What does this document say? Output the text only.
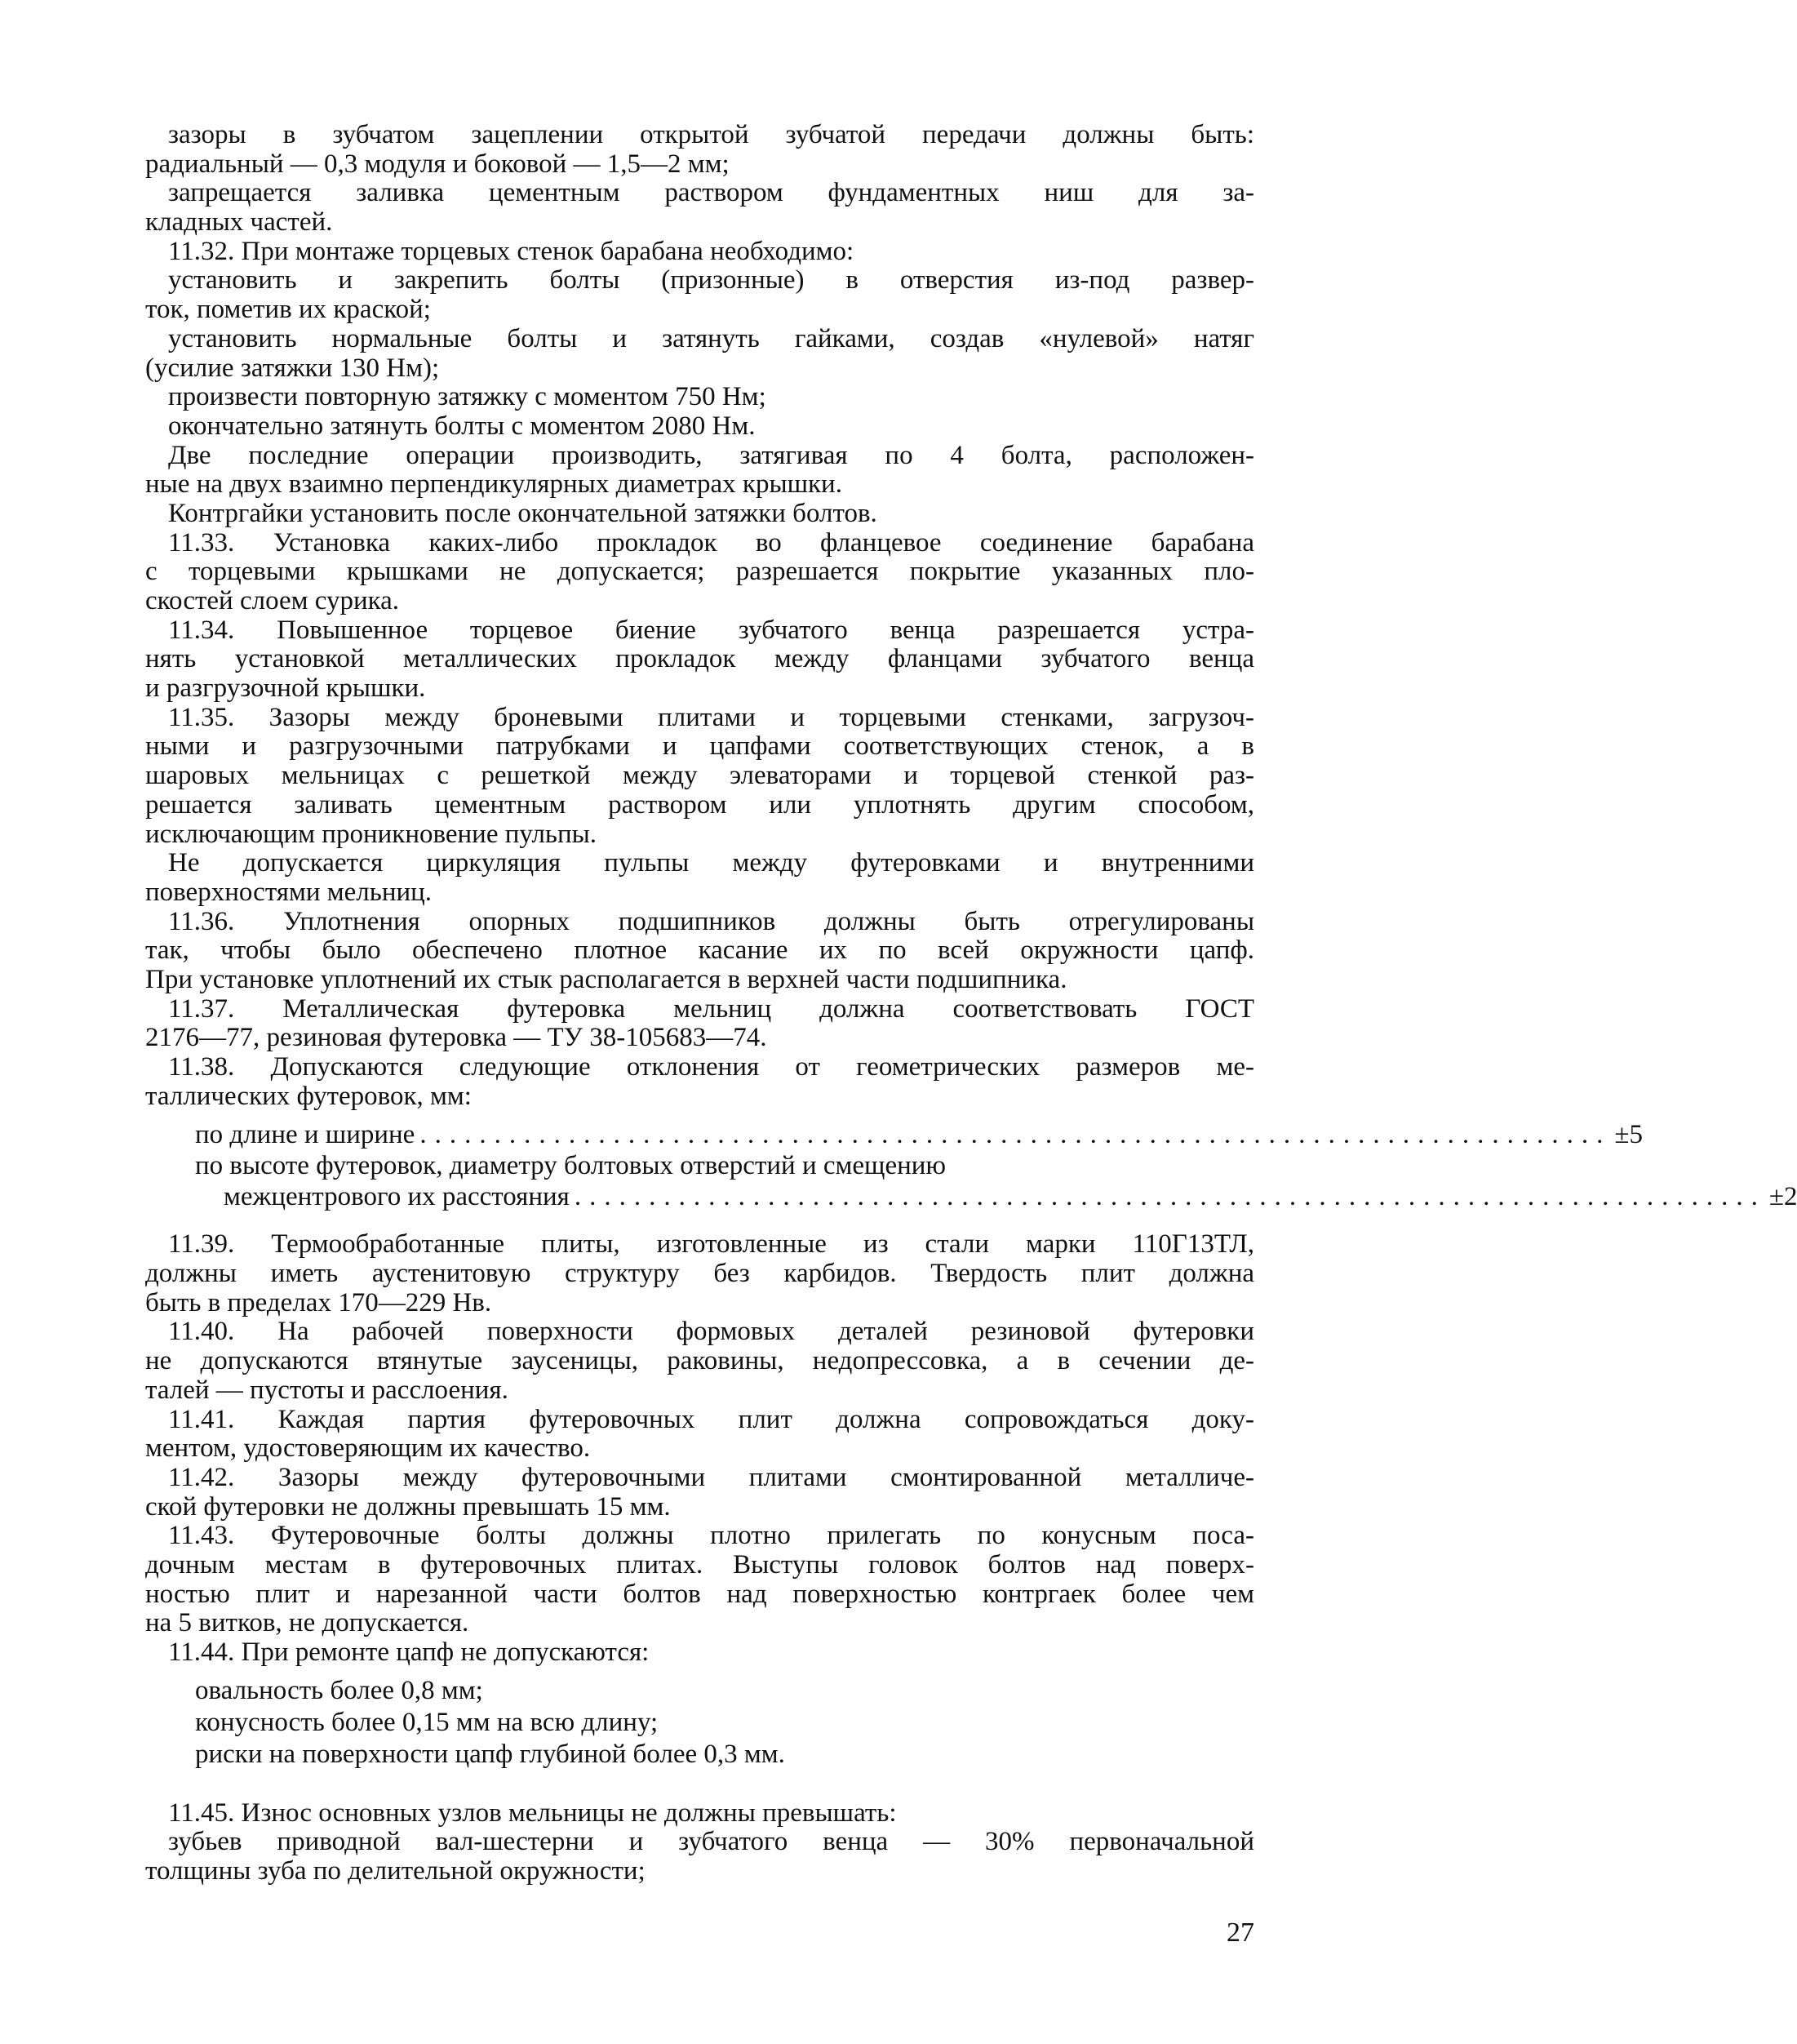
зазоры в зубчатом зацеплении открытой зубчатой передачи должны быть:
радиальный — 0,3 модуля и боковой — 1,5—2 мм;
запрещается заливка цементным раствором фундаментных ниш для за-
кладных частей.
11.32. При монтаже торцевых стенок барабана необходимо:
установить и закрепить болты (призонные) в отверстия из-под развер-
ток, пометив их краской;
установить нормальные болты и затянуть гайками, создав «нулевой» натяг
(усилие затяжки 130 Нм);
произвести повторную затяжку с моментом 750 Нм;
окончательно затянуть болты с моментом 2080 Нм.
Две последние операции производить, затягивая по 4 болта, расположен-
ные на двух взаимно перпендикулярных диаметрах крышки.
Контргайки установить после окончательной затяжки болтов.
11.33. Установка каких-либо прокладок во фланцевое соединение барабана
с торцевыми крышками не допускается; разрешается покрытие указанных пло-
скостей слоем сурика.
11.34. Повышенное торцевое биение зубчатого венца разрешается устра-
нять установкой металлических прокладок между фланцами зубчатого венца
и разгрузочной крышки.
11.35. Зазоры между броневыми плитами и торцевыми стенками, загрузоч-
ными и разгрузочными патрубками и цапфами соответствующих стенок, а в
шаровых мельницах с решеткой между элеваторами и торцевой стенкой раз-
решается заливать цементным раствором или уплотнять другим способом,
исключающим проникновение пульпы.
Не допускается циркуляция пульпы между футеровками и внутренними
поверхностями мельниц.
11.36. Уплотнения опорных подшипников должны быть отрегулированы
так, чтобы было обеспечено плотное касание их по всей окружности цапф.
При установке уплотнений их стык располагается в верхней части подшипника.
11.37. Металлическая футеровка мельниц должна соответствовать ГОСТ
2176—77, резиновая футеровка — ТУ 38-105683—74.
11.38. Допускаются следующие отклонения от геометрических размеров ме-
таллических футеровок, мм:
по длине и ширине ................................................................................ ±5
по высоте футеровок, диаметру болтовых отверстий и смещению
межцентрового их расстояния ................................................................................ ±2
11.39. Термообработанные плиты, изготовленные из стали марки 110Г13ТЛ,
должны иметь аустенитовую структуру без карбидов. Твердость плит должна
быть в пределах 170—229 Нв.
11.40. На рабочей поверхности формовых деталей резиновой футеровки
не допускаются втянутые заусеницы, раковины, недопрессовка, а в сечении де-
талей — пустоты и расслоения.
11.41. Каждая партия футеровочных плит должна сопровождаться доку-
ментом, удостоверяющим их качество.
11.42. Зазоры между футеровочными плитами смонтированной металличе-
ской футеровки не должны превышать 15 мм.
11.43. Футеровочные болты должны плотно прилегать по конусным поса-
дочным местам в футеровочных плитах. Выступы головок болтов над поверх-
ностью плит и нарезанной части болтов над поверхностью контргаек более чем
на 5 витков, не допускается.
11.44. При ремонте цапф не допускаются:
овальность более 0,8 мм;
конусность более 0,15 мм на всю длину;
риски на поверхности цапф глубиной более 0,3 мм.
11.45. Износ основных узлов мельницы не должны превышать:
зубьев приводной вал-шестерни и зубчатого венца — 30% первоначальной
толщины зуба по делительной окружности;
27
